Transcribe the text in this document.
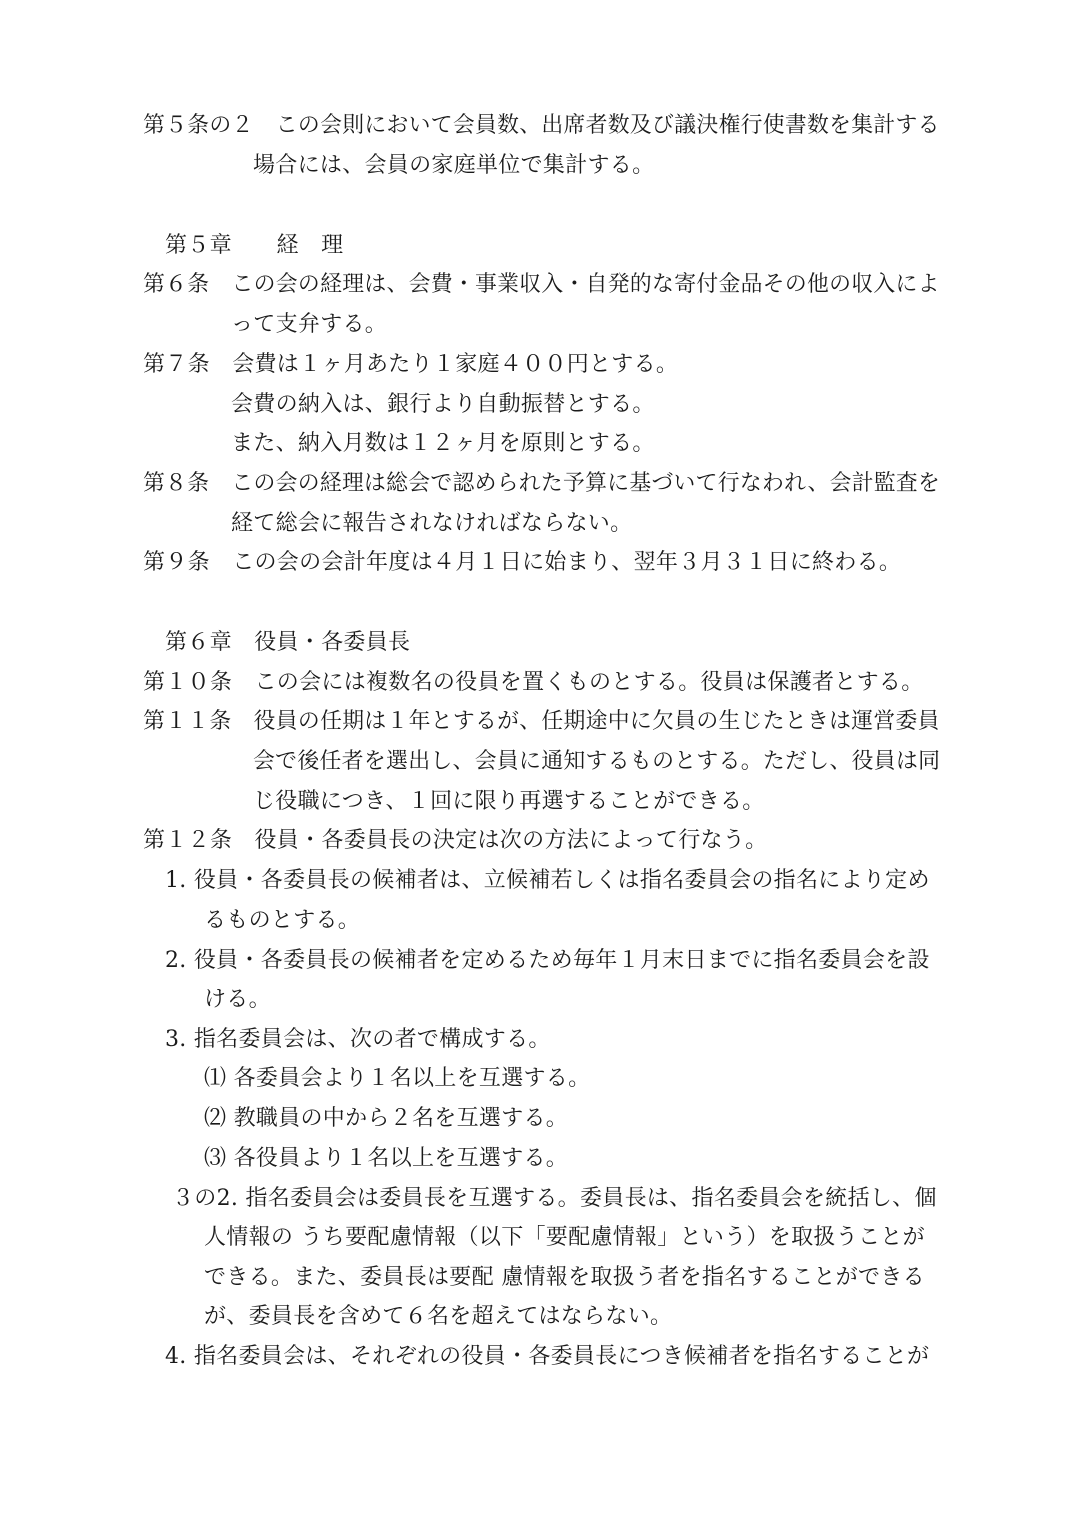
第５条の２　この会則において会員数、出席者数及び議決権行使書数を集計する
場合には、会員の家庭単位で集計する。
第５章　　経　理
第６条　この会の経理は、会費・事業収入・自発的な寄付金品その他の収入によ
って支弁する。
第７条　会費は１ヶ月あたり１家庭４００円とする。
会費の納入は、銀行より自動振替とする。
また、納入月数は１２ヶ月を原則とする。
第８条　この会の経理は総会で認められた予算に基づいて行なわれ、会計監査を
経て総会に報告されなければならない。
第９条　この会の会計年度は４月１日に始まり、翌年３月３１日に終わる。
第６章　役員・各委員長
第１０条　この会には複数名の役員を置くものとする。役員は保護者とする。
第１１条　役員の任期は１年とするが、任期途中に欠員の生じたときは運営委員
会で後任者を選出し、会員に通知するものとする。ただし、役員は同
じ役職につき、１回に限り再選することができる。
第１２条　役員・各委員長の決定は次の方法によって行なう。
1. 役員・各委員長の候補者は、立候補若しくは指名委員会の指名により定め
るものとする。
2. 役員・各委員長の候補者を定めるため毎年１月末日までに指名委員会を設
ける。
3. 指名委員会は、次の者で構成する。
⑴ 各委員会より１名以上を互選する。
⑵ 教職員の中から２名を互選する。
⑶ 各役員より１名以上を互選する。
３の2. 指名委員会は委員長を互選する。委員長は、指名委員会を統括し、個
人情報の うち要配慮情報（以下「要配慮情報」という）を取扱うことが
できる。また、委員長は要配 慮情報を取扱う者を指名することができる
が、委員長を含めて６名を超えてはならない。
4. 指名委員会は、それぞれの役員・各委員長につき候補者を指名することが
